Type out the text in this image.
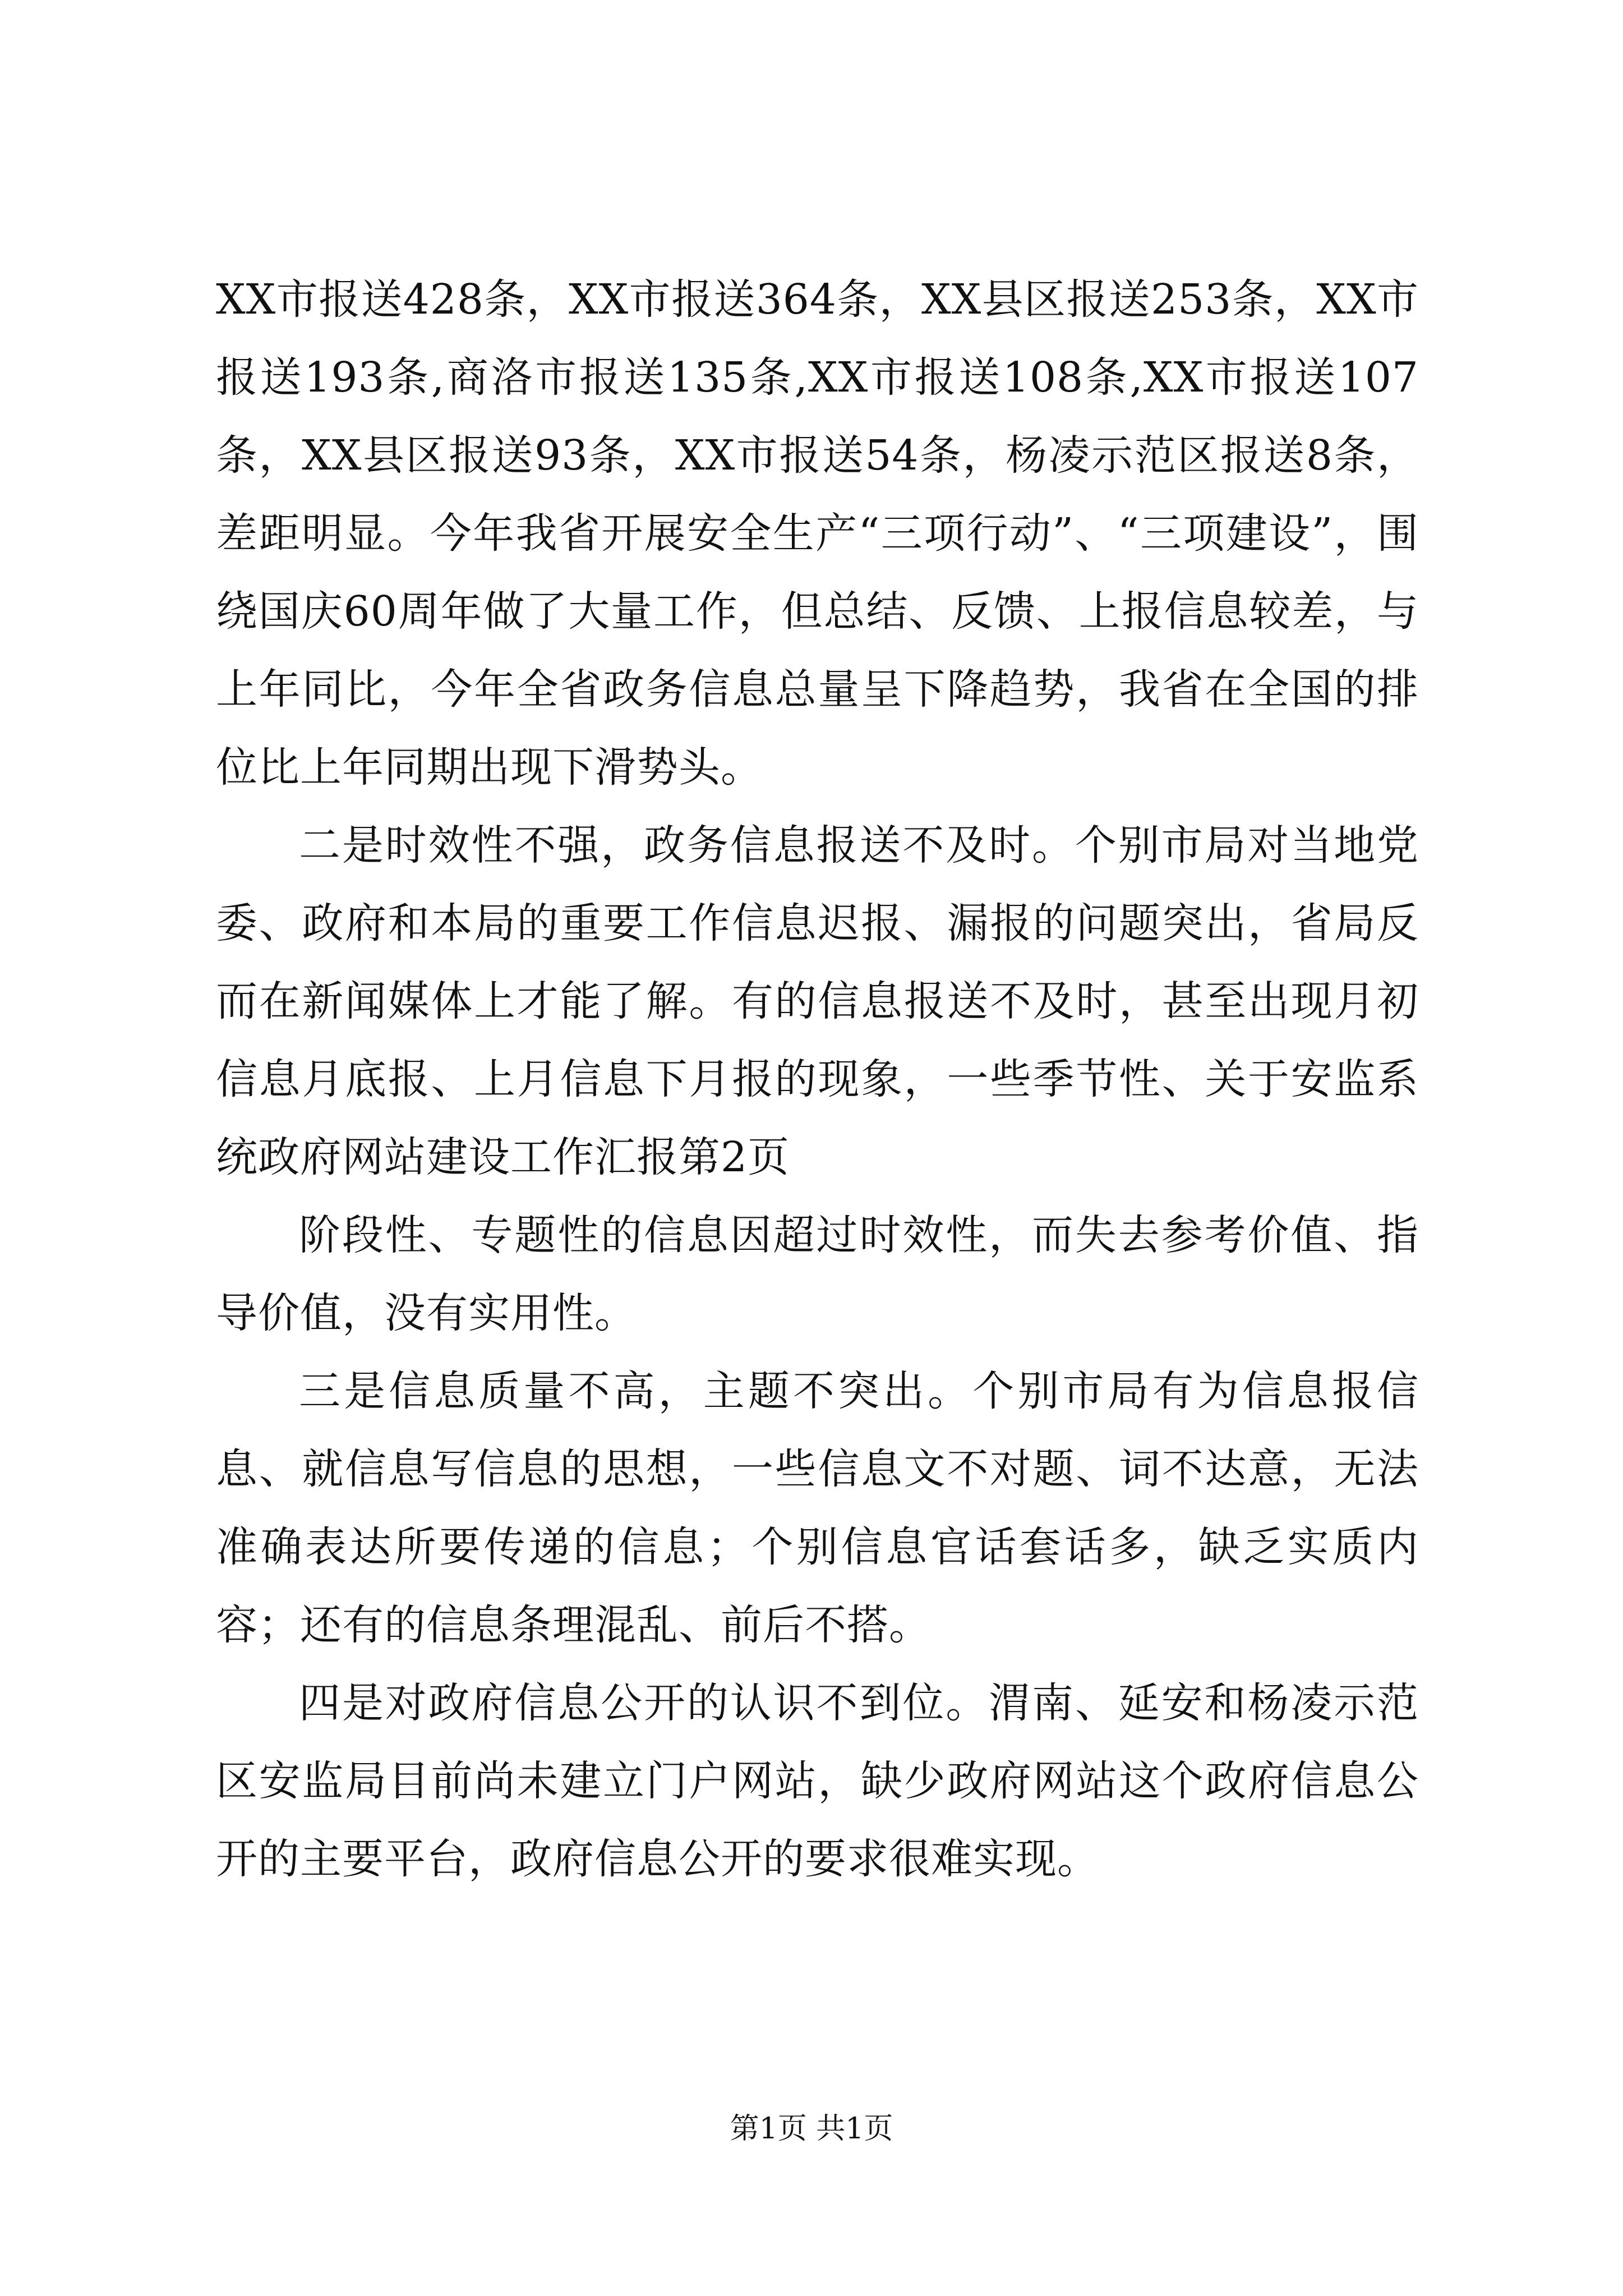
XX市报送428条，XX市报送364条，XX县区报送253条，XX市报送193条,商洛市报送135条,XX市报送108条,XX市报送107条，XX县区报送93条，XX市报送54条，杨凌示范区报送8条，差距明显。今年我省开展安全生产“三项行动”、“三项建设”，围绕国庆60周年做了大量工作，但总结、反馈、上报信息较差，与上年同比，今年全省政务信息总量呈下降趋势，我省在全国的排位比上年同期出现下滑势头。

二是时效性不强，政务信息报送不及时。个别市局对当地党委、政府和本局的重要工作信息迟报、漏报的问题突出，省局反而在新闻媒体上才能了解。有的信息报送不及时，甚至出现月初信息月底报、上月信息下月报的现象，一些季节性、关于安监系统政府网站建设工作汇报第2页

阶段性、专题性的信息因超过时效性，而失去参考价值、指导价值，没有实用性。

三是信息质量不高，主题不突出。个别市局有为信息报信息、就信息写信息的思想，一些信息文不对题、词不达意，无法准确表达所要传递的信息；个别信息官话套话多，缺乏实质内容；还有的信息条理混乱、前后不搭。

四是对政府信息公开的认识不到位。渭南、延安和杨凌示范区安监局目前尚未建立门户网站，缺少政府网站这个政府信息公开的主要平台，政府信息公开的要求很难实现。

第1页 共1页
